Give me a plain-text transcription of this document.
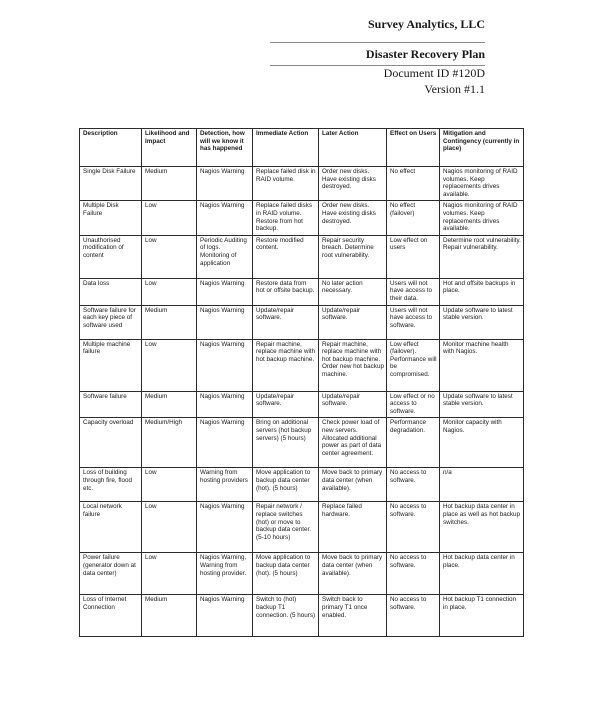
Survey Analytics, LLC
Disaster Recovery Plan
Document ID #120D
Version #1.1
Description	Likelihood and Impact	Detection, how will we know it has happened	Immediate Action	Later Action	Effect on Users	Mitigation and Contingency (currently in place)
Single Disk Failure	Medium	Nagios Warning	Replace failed disk in RAID volume.	Order new disks. Have existing disks destroyed.	No effect	Nagios monitoring of RAID volumes. Keep replacements drives available.
Multiple Disk Failure	Low	Nagios Warning	Replace failed disks in RAID volume. Restore from hot backup.	Order new disks. Have existing disks destroyed.	No effect (failover)	Nagios monitoring of RAID volumes. Keep replacements drives available.
Unauthorised modification of content	Low	Periodic Auditing of logs. Monitoring of application	Restore modified content.	Repair security breach. Determine root vulnerability.	Low effect on users	Determine root vulnerability. Repair vulnerability.
Data loss	Low	Nagios Warning	Restore data from hot or offsite backup.	No later action necessary.	Users will not have access to their data.	Hot and offsite backups in place.
Software failure for each key piece of software used	Medium	Nagios Warning	Update/repair software.	Update/repair software.	Users will not have access to software.	Update software to latest stable version.
Multiple machine failure	Low	Nagios Warning	Repair machine, replace machine with hot backup machine.	Repair machine, replace machine with hot backup machine. Order new hot backup machine.	Low effect (failover). Performance will be compromised.	Monitor machine health with Nagios.
Software failure	Medium	Nagios Warning	Update/repair software.	Update/repair software.	Low effect or no access to software.	Update software to latest stable version.
Capacity overload	Medium/High	Nagios Warning	Bring on additional servers (hot backup servers) (5 hours)	Check power load of new servers. Allocated additional power as part of data center agreement.	Performance degradation.	Monitor capacity with Nagios.
Loss of building through fire, flood etc.	Low	Warning from hosting providers	Move application to backup data center (hot). (5 hours)	Move back to primary data center (when available).	No access to software.	n/a
Local network failure	Low	Nagios Warning	Repair network / replace switches (hot) or move to backup data center. (5-10 hours)	Replace failed hardware.	No access to software.	Hot backup data center in place as well as hot backup switches.
Power failure (generator down at data center)	Low	Nagios Warning, Warning from hosting provider.	Move application to backup data center (hot). (5 hours)	Move back to primary data center (when available).	No access to software.	Hot backup data center in place.
Loss of Internet Connection	Medium	Nagios Warning	Switch to (hot) backup T1 connection. (5 hours)	Switch back to primary T1 once enabled.	No access to software.	Hot backup T1 connection in place.
